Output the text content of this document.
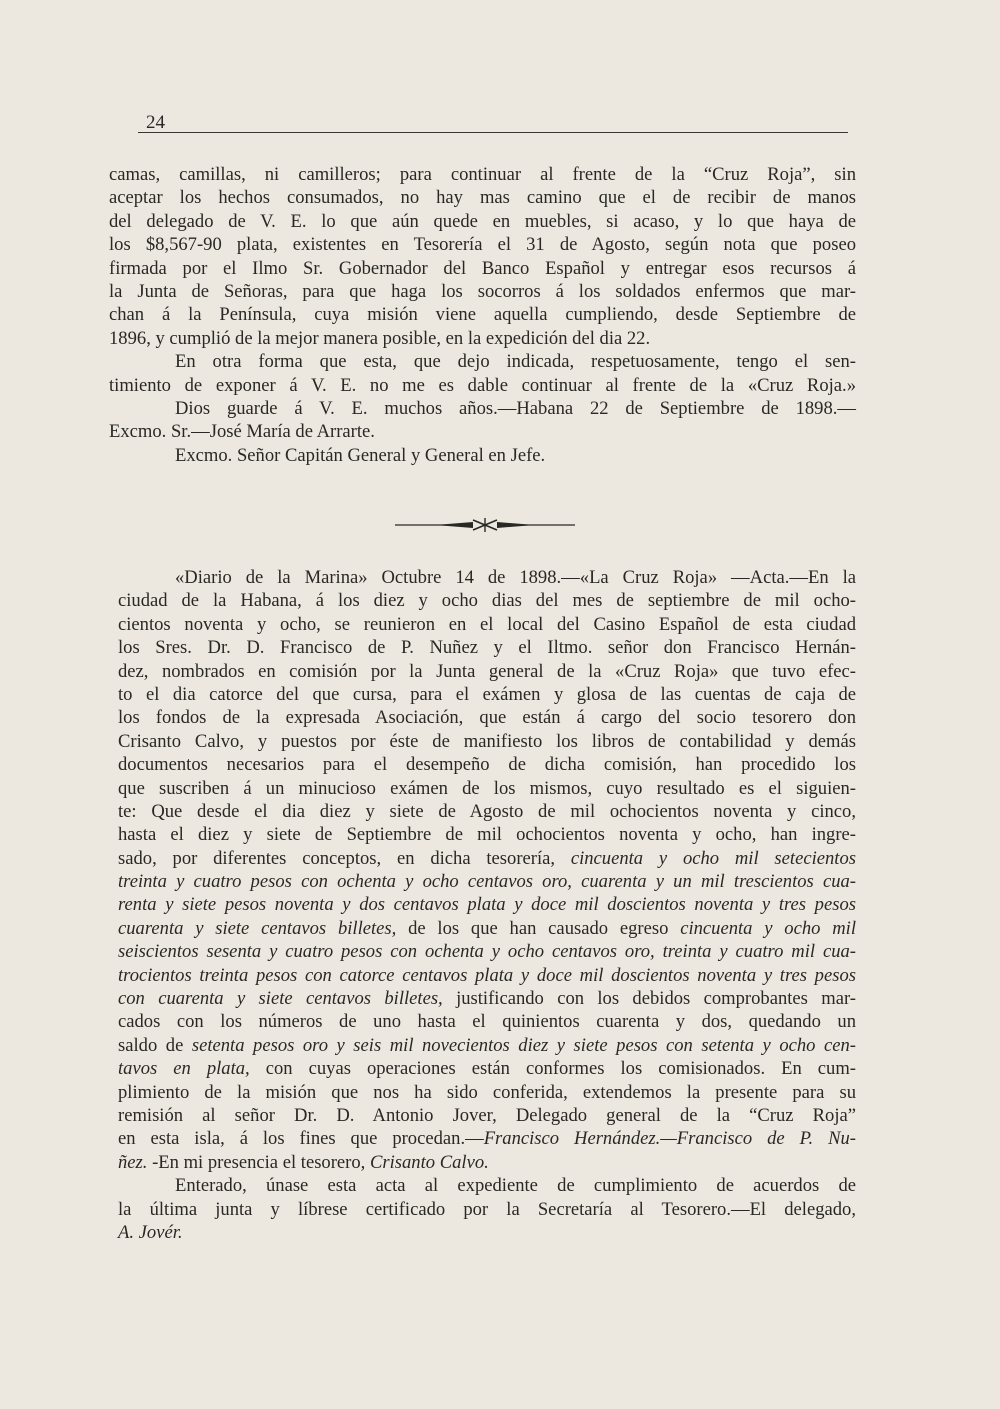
24
camas, camillas, ni camilleros; para continuar al frente de la “Cruz Roja”, sin
aceptar los hechos consumados, no hay mas camino que el de recibir de manos
del delegado de V. E. lo que aún quede en muebles, si acaso, y lo que haya de
los $8,567-90 plata, existentes en Tesorería el 31 de Agosto, según nota que poseo
firmada por el Ilmo Sr. Gobernador del Banco Español y entregar esos recursos á
la Junta de Señoras, para que haga los socorros á los soldados enfermos que mar-
chan á la Península, cuya misión viene aquella cumpliendo, desde Septiembre de
1896, y cumplió de la mejor manera posible, en la expedición del dia 22.
En otra forma que esta, que dejo indicada, respetuosamente, tengo el sen-
timiento de exponer á V. E. no me es dable continuar al frente de la «Cruz Roja.»
Dios guarde á V. E. muchos años.—Habana 22 de Septiembre de 1898.—
Excmo. Sr.—José María de Arrarte.
Excmo. Señor Capitán General y General en Jefe.
«Diario de la Marina» Octubre 14 de 1898.—«La Cruz Roja» —Acta.—En la
ciudad de la Habana, á los diez y ocho dias del mes de septiembre de mil ocho-
cientos noventa y ocho, se reunieron en el local del Casino Español de esta ciudad
los Sres. Dr. D. Francisco de P. Nuñez y el Iltmo. señor don Francisco Hernán-
dez, nombrados en comisión por la Junta general de la «Cruz Roja» que tuvo efec-
to el dia catorce del que cursa, para el exámen y glosa de las cuentas de caja de
los fondos de la expresada Asociación, que están á cargo del socio tesorero don
Crisanto Calvo, y puestos por éste de manifiesto los libros de contabilidad y demás
documentos necesarios para el desempeño de dicha comisión, han procedido los
que suscriben á un minucioso exámen de los mismos, cuyo resultado es el siguien-
te: Que desde el dia diez y siete de Agosto de mil ochocientos noventa y cinco,
hasta el diez y siete de Septiembre de mil ochocientos noventa y ocho, han ingre-
sado, por diferentes conceptos, en dicha tesorería, cincuenta y ocho mil setecientos
treinta y cuatro pesos con ochenta y ocho centavos oro, cuarenta y un mil trescientos cua-
renta y siete pesos noventa y dos centavos plata y doce mil doscientos noventa y tres pesos
cuarenta y siete centavos billetes, de los que han causado egreso cincuenta y ocho mil
seiscientos sesenta y cuatro pesos con ochenta y ocho centavos oro, treinta y cuatro mil cua-
trocientos treinta pesos con catorce centavos plata y doce mil doscientos noventa y tres pesos
con cuarenta y siete centavos billetes, justificando con los debidos comprobantes mar-
cados con los números de uno hasta el quinientos cuarenta y dos, quedando un
saldo de setenta pesos oro y seis mil novecientos diez y siete pesos con setenta y ocho cen-
tavos en plata, con cuyas operaciones están conformes los comisionados. En cum-
plimiento de la misión que nos ha sido conferida, extendemos la presente para su
remisión al señor Dr. D. Antonio Jover, Delegado general de la “Cruz Roja”
en esta isla, á los fines que procedan.—Francisco Hernández.—Francisco de P. Nu-
ñez. -En mi presencia el tesorero, Crisanto Calvo.
Enterado, únase esta acta al expediente de cumplimiento de acuerdos de
la última junta y líbrese certificado por la Secretaría al Tesorero.—El delegado,
A. Jovér.
